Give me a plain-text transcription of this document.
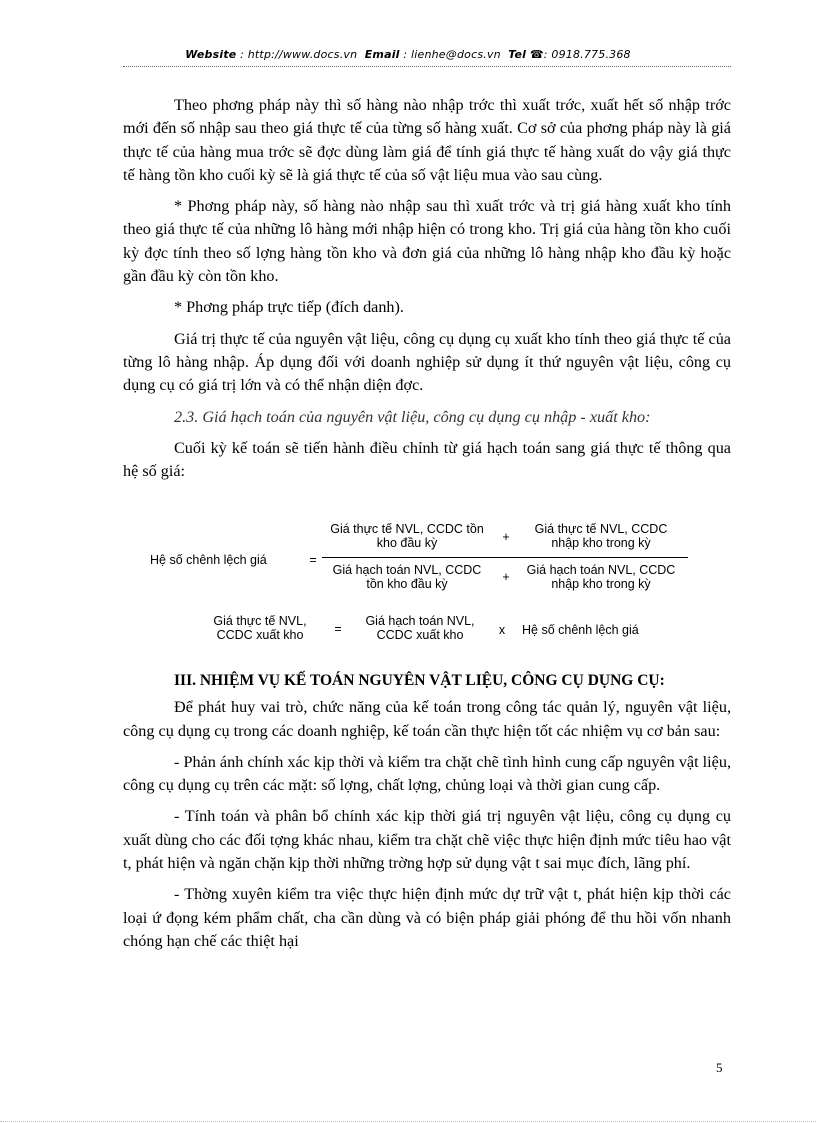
Website : http://www.docs.vn Email : lienhe@docs.vn Tel ☎: 0918.775.368

Theo phơng pháp này thì số hàng nào nhập trớc thì xuất trớc, xuất hết số nhập trớc mới đến số nhập sau theo giá thực tế của từng số hàng xuất. Cơ sở của phơng pháp này là giá thực tế của hàng mua trớc sẽ đợc dùng làm giá để tính giá thực tế hàng xuất do vậy giá thực tế hàng tồn kho cuối kỳ sẽ là giá thực tế của số vật liệu mua vào sau cùng.

* Phơng pháp này, số hàng nào nhập sau thì xuất trớc và trị giá hàng xuất kho tính theo giá thực tế của những lô hàng mới nhập hiện có trong kho. Trị giá của hàng tồn kho cuối kỳ đợc tính theo số lợng hàng tồn kho và đơn giá của những lô hàng nhập kho đầu kỳ hoặc gần đầu kỳ còn tồn kho.

* Phơng pháp trực tiếp (đích danh).

Giá trị thực tế của nguyên vật liệu, công cụ dụng cụ xuất kho tính theo giá thực tế của từng lô hàng nhập. Áp dụng đối với doanh nghiệp sử dụng ít thứ nguyên vật liệu, công cụ dụng cụ có giá trị lớn và có thể nhận diện đợc.

2.3. Giá hạch toán của nguyên vật liệu, công cụ dụng cụ nhập - xuất kho:

Cuối kỳ kế toán sẽ tiến hành điều chỉnh từ giá hạch toán sang giá thực tế thông qua hệ số giá:

Hệ số chênh lệch giá	=
Giá thực tế NVL, CCDC tồn
kho đầu kỳ	+
Giá thực tế NVL, CCDC
nhập kho trong kỳ
Giá hạch toán NVL, CCDC
tồn kho đầu kỳ	+	Giá hạch toán NVL, CCDC
nhập kho trong kỳ
Giá thực tế NVL,
CCDC xuất kho	=
Giá hạch toán NVL,
CCDC xuất kho	x	Hệ số chênh lệch giá

III. NHIỆM VỤ KẾ TOÁN NGUYÊN VẬT LIỆU, CÔNG CỤ DỤNG CỤ:

Để phát huy vai trò, chức năng của kế toán trong công tác quản lý, nguyên vật liệu, công cụ dụng cụ trong các doanh nghiệp, kế toán cần thực hiện tốt các nhiệm vụ cơ bản sau:

- Phản ánh chính xác kịp thời và kiểm tra chặt chẽ tình hình cung cấp nguyên vật liệu, công cụ dụng cụ trên các mặt: số lợng, chất lợng, chủng loại và thời gian cung cấp.

- Tính toán và phân bổ chính xác kịp thời giá trị nguyên vật liệu, công cụ dụng cụ xuất dùng cho các đối tợng khác nhau, kiểm tra chặt chẽ việc thực hiện định mức tiêu hao vật t, phát hiện và ngăn chặn kịp thời những trờng hợp sử dụng vật t sai mục đích, lãng phí.

- Thờng xuyên kiểm tra việc thực hiện định mức dự trữ vật t, phát hiện kịp thời các loại ứ đọng kém phẩm chất, cha cần dùng và có biện pháp giải phóng để thu hồi vốn nhanh chóng hạn chế các thiệt hại

5
